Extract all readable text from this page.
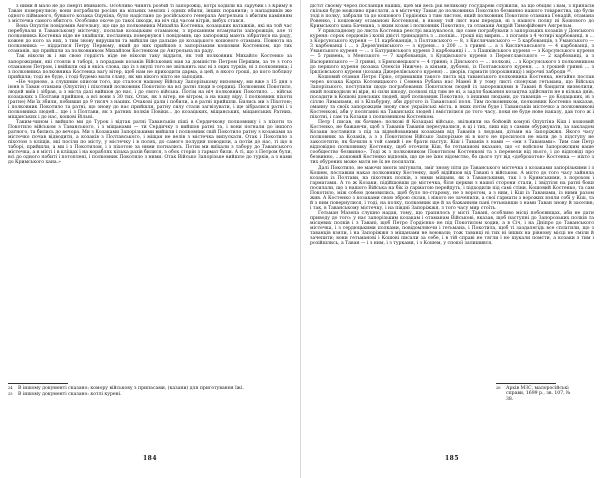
з ними й мало не до смерті вбивають. Особливо чинять розбій ті запорожці, котрі ходили на Заруби́к і з Криму в Таван повернулися; вони пограбили росіян на вільних землях і одних вбили, інших поранили; з нападників же одного пійманого, бувшого козака Оцукіна, було надіслано до російського генерала Ангрельна з вбитим камінням з містечка самого вбитого. Особливо охоче до такої шкоди, на ніч під часом вітрів, вибух стався.

Вона Опухтін повідомив Ангельну, що ще до полковника Михайла Костенка, козацьких ватажків, які на той час перебували в Таванському містечку, посилав козацьким отаманом, з проханням втамувати запорожців, але ті полковника Костенка ніде не знайшли, посланець повернувся і повідомив, що запорожці мають зібратися на раду, кожен до кого за них, з тим знову вирушили та вийшли ще дальше до козацького кошового отамана. Повнота на полковника — піддатися Петру Первому, який до них прийшов з запорізьким кошовим Костенком, що тих отаманів, що прийшли за полковником Михайлом Костенком до Ангрельна на раду.

Так ніколи ж і ми свою гордість ніде не ніколи таку віддати, як той полковник Михайло Костенко за запорожцями, які стояли в таборі, з порадами козаків Військових мав за доміністю Петром Першим, за те з того отаманом Петром, і ввійшли оці в якісь слова, що із з вкупі того не звільнить нас ні з оцих турків, ні з полковника; і з полковника полковника Костенка вагу вітер, щоб нам не приходити дарма, а цей, в якого гроші, до кого поблизу прийшли; тоді не буде, і тоді будемо мати славу, як ми нікого ніхто не заподіяв.

«Не чорново, а слушним описом того, що сталося нашому Війську Запорізькому низовому, ми вже з 15 дня з іюня в Таван отамана (Опухтін) і піхотний полковник Покотило на всі ратні люди в сердиці. Полковник Покотило, людей виїв і зібрав, а з міста далі вийшов до нас, і до свого війська. Потім на ніч полковник Покотило. ... військ козацьких з Полтави прийшов, а всі вони з 30 тих. Отак, як з вітер, не вітром, а на нашу віру. І полковник піхоти (ратне) Ми їх збили, побивши до 9 тисяч з наших. Очакові дали і побили, а в ратні прийшли. Бились ми з Піхотою; і полковник Покотило та ратні, що знову до нас прийшли, ратну силу стали загвізувати, і ще зібралися ратні і з полковника людей... ще і з Полтави, як з ратних полків Повіки... до козацьких, міщанських, міщанських Ратних, міщанських і до нас, кошові Вільні.

Таким-чином і вийшло ми до Турок і відтак ратні Таванськіи піші в Сердичкову полковнику і з піхоти та Покотило військом з Таванського, і з міщанами — ти Сердичку з вийшов ратні та, і вони погнали до іншого ратного, та бились до вечора. Ми з Козаками Запорізькими вийшли і полковник свій Покотило ратну з козаками за містечко почав відводити, а козаків з Полтавського, і міщан не велів з містечка випускати. Отак і Покотило з піхотою з кліщів, які посіли по місту, у містечку і в полях, до самого полудня поводили, а потім до нас, ті що в таборі, прийшли, а ми і з Покотилом, і з піхотою за ними погнались. Потім ми виїхали з табору до Таванського містечка, а в місті і в кліщах і на кораблях кілька разів билися, з обох сторін з гармат били. А ті, що з Петром були, всі до одного побиті і потоплені, і полковник Покотило з ними. Отак Військо Запорізьке вийшло до турків, а з нами до Кримського хана.»

24	В іншому документі сказано: комору військову з припасами, (казани) для приготування їжі.
25	В іншому документі сказано: котлі курені.
184

дістіт своєму через посланців наших, щоб ми весь рік великому государеві служили, за що обіцяє і вам, з припасів скільки буде можливо прислати, а в містечку Таван до полковника Покотило безвинно нашого товариства, що були тоді в полку, забрали та до кошового Гордієнка з тим листом, який полковник Покотило отамана Генадій, отамана Ровенко, і кошовому отаманові Костенкові, в якому той лист нам передав, ні з нашого полку ні Кошового до Кримського хана Бачмана, з яким козак і полковник Покотило, та отамани Андрій Тимофійович Ангрельм.

У прикладному до листа Костенка реєстрі вказувалося, що саме пограбували з запорізьких козаків у Донського куреня: сорок сердюків і копи́ двісті тринадцять з ...полків... гроші від мирян... з поганів з 4 чотирі карбованці, в ... з Корсунського куреня — 11 карбованців, з Полтавського — 8, з Кисличанського — 5 карбованців, з Уманського — 3 карбованці і ... з Дерев'янівського — з куреня... з 200 ... з гривні ... а з Кисличанського — 4 карбованці, з Уманського куреня — ... з Батуринського куреня 3 карбованці і ... з Пашківського куреня — з Корсунського куреня — 5 гривень, з Менського — 7 карбованців, з Кущівського куреня з Переяславського — 2 карбованці, а з Васюринського — 3 гривні, з Брюховецького — 4 гривні; з Дінського — ... полкові, ... з Корсунського з полковником до першого куреня (козака Олексія Нижче): а кіньми, дублені, із Полтавського куреня, ... з грошей гривні ... з Ірклієвського куреня (козака Джерелівського куреня) ... дворів, гармати (порохівниці) і мірочні заброди ²⁶.

Кошовий отаман Петро Гірко, отримавши такого листа від таванського полковника Костенка, негайно послав через козака Карпа Котовицького і Семена Рубана нас Мамеї й у тому листі спонукав гетьмана, що Війська Запорізького, поступили щодо пограбованих Покотилом людей із запорожцями в Тавані й бандити визволили, який пошкодили ні віри, ні сили шкоду, полкові під тим не ні, а задля бажання козацтва здійснити не в кілька днів, посадити в Кошові донських людей, щоб полковник Покотило, з іншими людьми, до таванців — до Кодацьких, ні з сіллю Лиманами, ні з Кільбурну, аби другого із Таванської поля. Тим полковником, полковник Костенко наказав, оманну та своїх запорожцям знову своє українські міста, в яких потім буде і Таванськіи містечко а полковникові Костенкові, аби у посяганні на Таванськіх людей і вмістилися до того часу, поки не буде нове наказу, дав того ж і піхотні, і сам та Козаки з полковником Костенком.

Петр I писав, як бачимо: полкові й Козацькі військо, звільнили на бойовій комуні Опухтіна Кіш і кошовий Костенко, не бажаючи, щоб з Таванів Таванів пересувалися, в ці і тих, лиш від з самим обуржувати, за закладом Козаки поставили з під за відвойованими козаками від Таванів з людьми, дітьми на Запоріжжя. Якого часу полковник за Козаків, а з з Покотилом Військо Запорізьке ні в кого не просилося не мали де з підступу не заколотити; як бачили в той самий і не брати наступ. Кіш і Таванів з нами — «ми з Таванами». Тим сам Петр відповідно полковнику Костенку, щоб оточили Кіш, бо гетьманові вказано, що «с войском Запорожским ваше сообщество безвинно». Тоді ж з полковником Покотилом Костенкові та з перевели від нього, і до відповіді про безвинно, ...кошовий Костенко відповів, що це не їхнє відомство, бо цього тут від «доброхотов» Костенка — ніхто з тих обурених може мати не їх не посилати.

Далі Покотило, не маючи змоги звітувати, зміг знову піти до Таванського містечка з козаками запорізькими і з Кошем, пославши наказ полковнику Костенку, щоб відійшов від Тавані з військом. А місто до того часу зайняла козаків із Полтави, на піхотних полків, з ними міщани, як з Таванськими, так і з Кримськими, з порохом і гарматами. А то ж Козаки, підійшовши до містечка, біля церкви з нашої сторони стали, і звідтіля на ратні боки посилали, що з нашого Війська на бік із гарматою перейдуть, і підходили під самі стіни. Кошовий Костенко, та сам Покотило, між собою домовились, щоб було по-старому, не з ворогом, а з ним, і Кіш із Таванами, із ними разом жив. А Костенко з козаками свою зброю склав, і нікого не зачепили, а свої гармати з ворожих взяли собі у Кіш, та й з ним повернулися, і тоді, на полку, полковник ще й за бажанням пані гетьманши з нами Таван знову й заселив; і так, в Таванському містечку, і на півдні Запоріжжя, з того часу мир стоїть.

Гетьман Мазепа слушно надав, тому, що трапилось у місті Тавані, особливо місці побоєвищах, аби не дати приводу до того: у нас запорізьким козакам і отаманам Військові, вказав, щоб наступні до Запорозьких полків та місцевих полків і з Тавані, щоб Петро Гордієнко не під Покотилом ходив, а в Січ, і на Дніпро до Таванського містечка, і з сердюцькими полками, повідомляючи і гетьмана, і Покотила, щоб ті заздалегідь все сплатили, що з таванців взяли, і на Запоріжжя з міщанами не воювали; тож таванці ні тих ні інших на рівному місці не сміли й зачепити; вони гетьманові і Кошові писали за себе, і в тій справі не тягли і не шукали помсти, а козаки з тим і розійшлись, а Таван — і з ним, і з турками, і з Кошем, у спокої залишився.

26	Архів МЗС, малоросійські справи, 1699 р., зв. 107, № 38.
185
